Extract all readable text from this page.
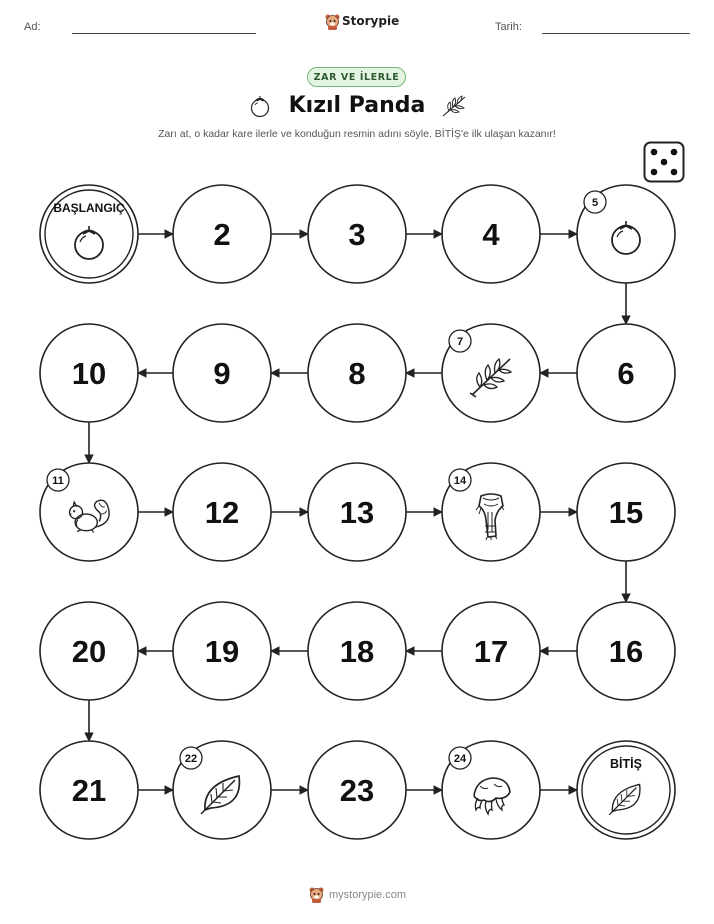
Ad:	Storypie	Tarih:
ZAR VE İLERLE
Kızıl Panda
Zarı at, o kadar kare ilerle ve konduğun resmin adını söyle. BİTİŞ'e ilk ulaşan kazanır!
BAŞLANGIÇ
2	3	4
5
6
7
8
9
10
11
12	13
14
15
16
17
18
19
20
21
22
23
24	BİTİŞ
mystorypie.com
